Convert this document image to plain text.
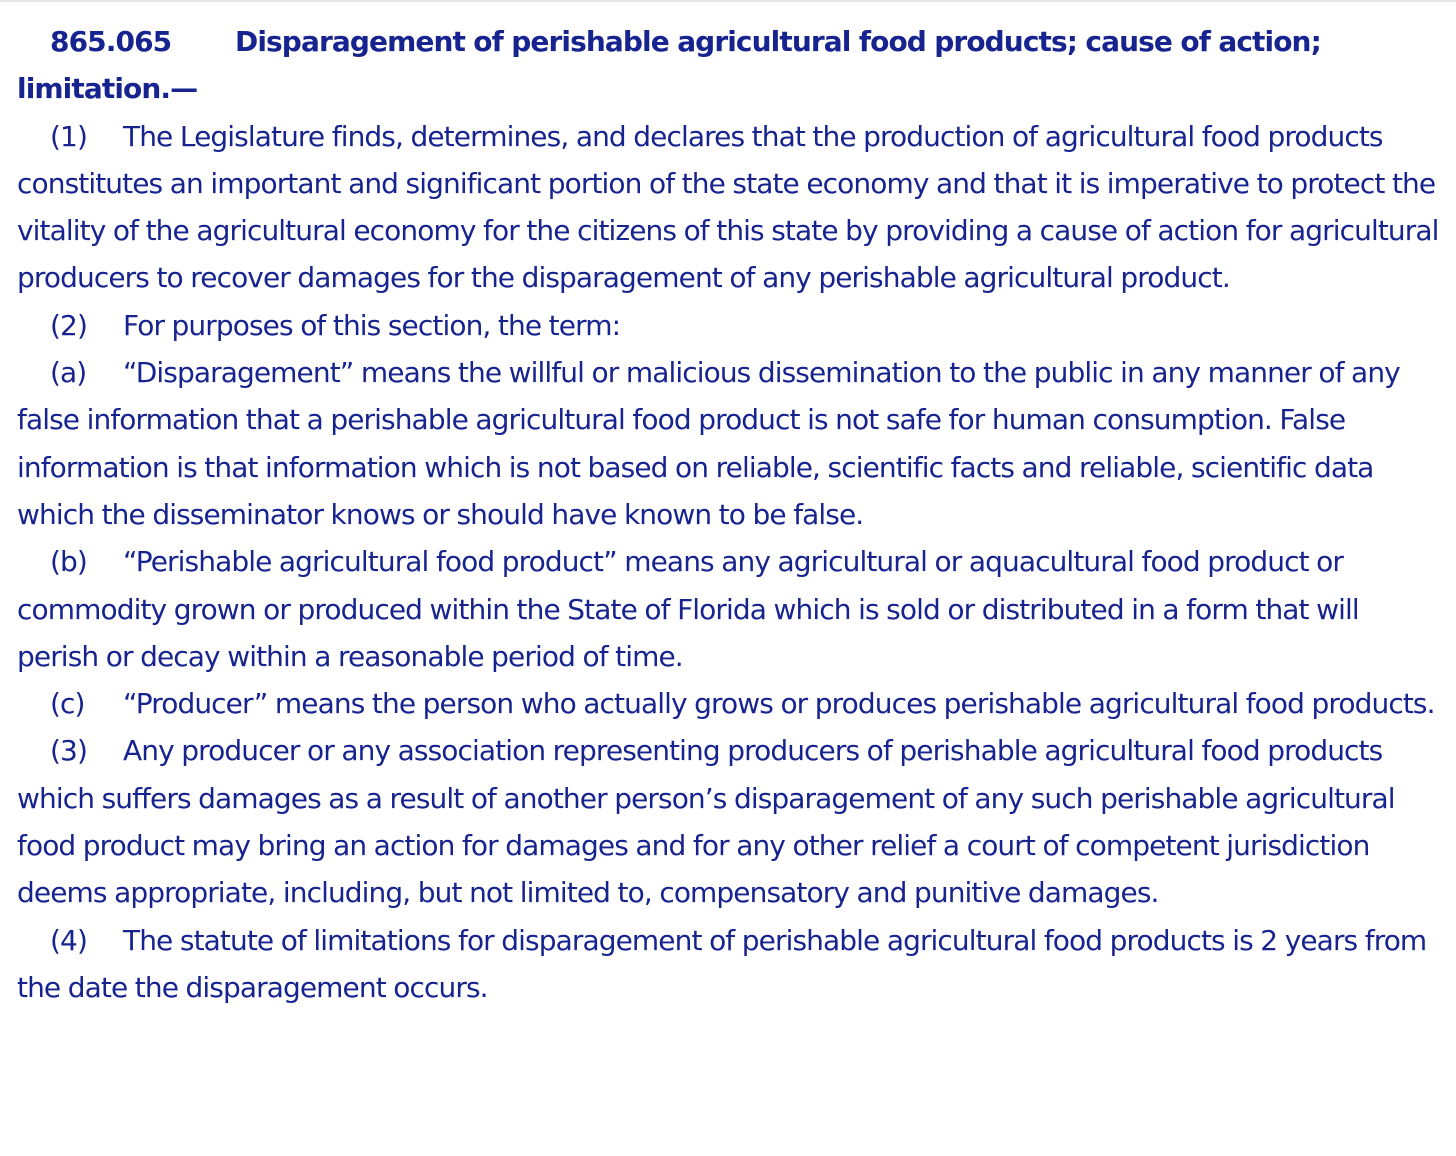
865.065 Disparagement of perishable agricultural food products; cause of action; limitation.—

(1) The Legislature finds, determines, and declares that the production of agricultural food products constitutes an important and significant portion of the state economy and that it is imperative to protect the vitality of the agricultural economy for the citizens of this state by providing a cause of action for agricultural producers to recover damages for the disparagement of any perishable agricultural product.

(2) For purposes of this section, the term:

(a) “Disparagement” means the willful or malicious dissemination to the public in any manner of any false information that a perishable agricultural food product is not safe for human consumption. False information is that information which is not based on reliable, scientific facts and reliable, scientific data which the disseminator knows or should have known to be false.

(b) “Perishable agricultural food product” means any agricultural or aquacultural food product or commodity grown or produced within the State of Florida which is sold or distributed in a form that will perish or decay within a reasonable period of time.

(c) “Producer” means the person who actually grows or produces perishable agricultural food products.

(3) Any producer or any association representing producers of perishable agricultural food products which suffers damages as a result of another person’s disparagement of any such perishable agricultural food product may bring an action for damages and for any other relief a court of competent jurisdiction deems appropriate, including, but not limited to, compensatory and punitive damages.

(4) The statute of limitations for disparagement of perishable agricultural food products is 2 years from the date the disparagement occurs.
